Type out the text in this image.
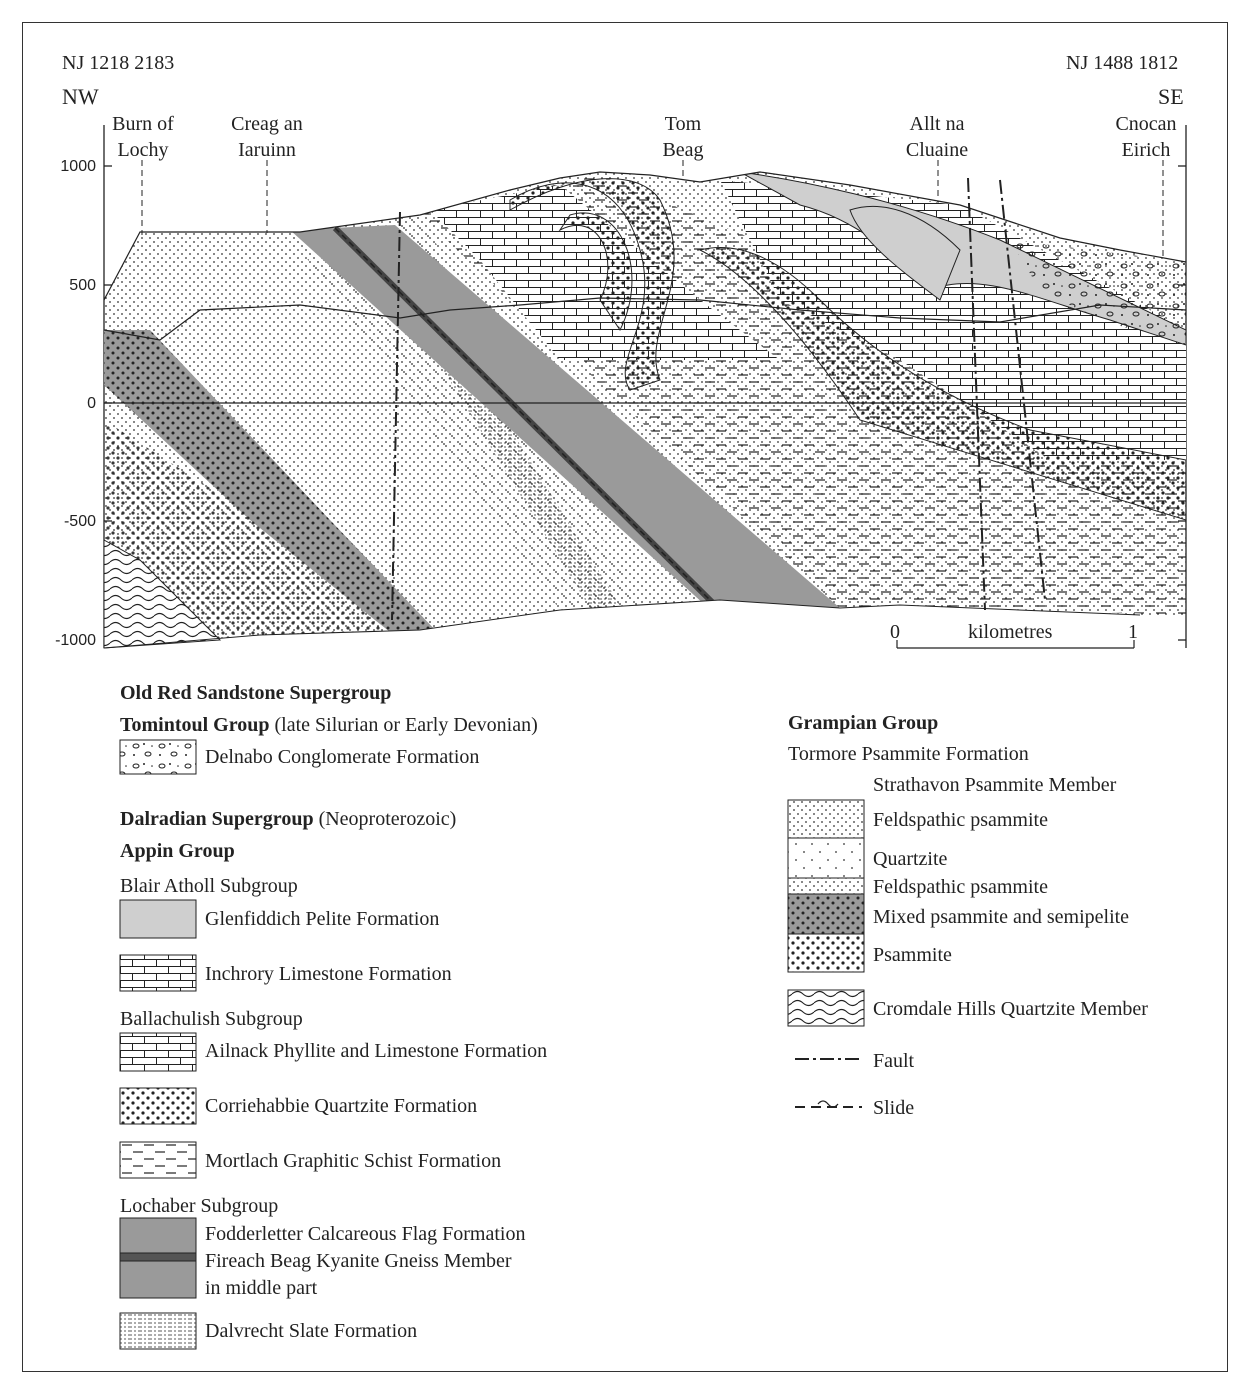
NJ 1218 2183	NJ 1488 1812
NW	SE
1000
500
0
-500
-1000
Burn of
Lochy
Creag an
Iaruinn
Tom
Beag
Allt na
Cluaine
Cnocan
Eirich
0	kilometres	1
Old Red Sandstone Supergroup
Tomintoul Group (late Silurian or Early Devonian)
Delnabo Conglomerate Formation
Dalradian Supergroup (Neoproterozoic)
Appin Group
Blair Atholl Subgroup
Glenfiddich Pelite Formation
Inchrory Limestone Formation
Ballachulish Subgroup
Ailnack Phyllite and Limestone Formation
Corriehabbie Quartzite Formation
Mortlach Graphitic Schist Formation
Lochaber Subgroup
Fodderletter Calcareous Flag Formation
Fireach Beag Kyanite Gneiss Member
in middle part
Dalvrecht Slate Formation
Grampian Group
Tormore Psammite Formation
Strathavon Psammite Member
Feldspathic psammite
Quartzite
Feldspathic psammite
Mixed psammite and semipelite
Psammite
Cromdale Hills Quartzite Member
Fault
Slide
